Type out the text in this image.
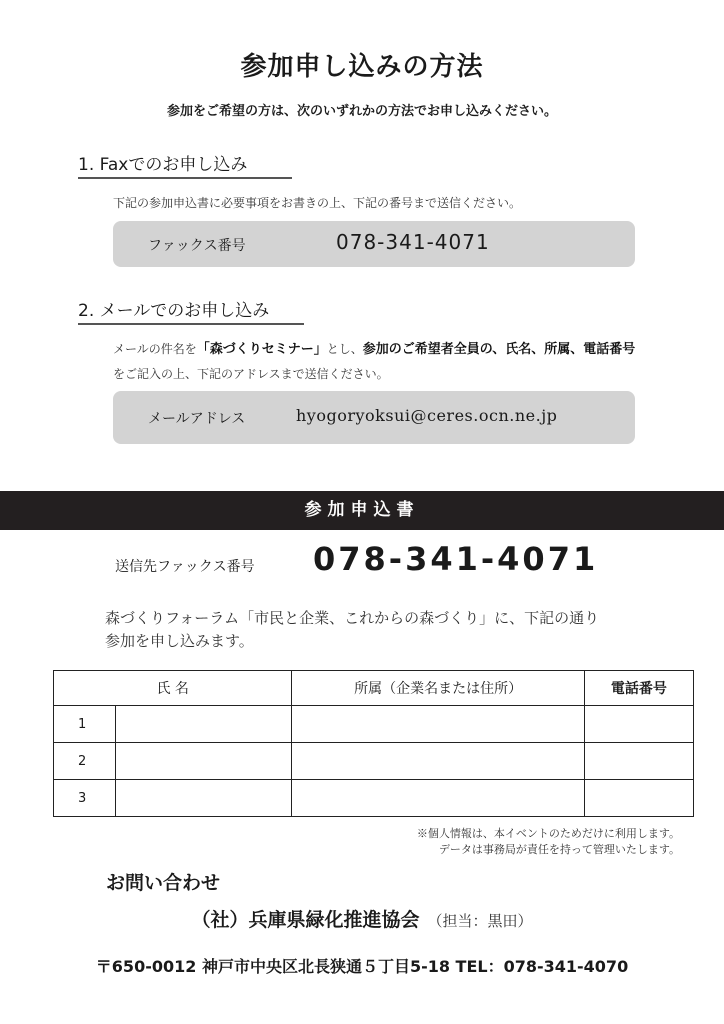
参加申し込みの方法
参加をご希望の方は、次のいずれかの方法でお申し込みください。
1. Faxでのお申し込み
下記の参加申込書に必要事項をお書きの上、下記の番号まで送信ください。
ファックス番号	078-341-4071
2. メールでのお申し込み
メールの件名を「森づくりセミナー」とし、参加のご希望者全員の、氏名、所属、電話番号をご記入の上、下記のアドレスまで送信ください。
メールアドレス	hyogoryoksui@ceres.ocn.ne.jp
参加申込書
送信先ファックス番号 078-341-4071
森づくりフォーラム「市民と企業、これからの森づくり」に、下記の通り
参加を申し込みます。
氏 名		所属（企業名または住所）	電話番号
1			
2			
3			
※個人情報は、本イベントのためだけに利用します。
データは事務局が責任を持って管理いたします。
お問い合わせ
（社）兵庫県緑化推進協会 （担当：黒田）
〒650-0012 神戸市中央区北長狭通５丁目5-18 TEL：078-341-4070
